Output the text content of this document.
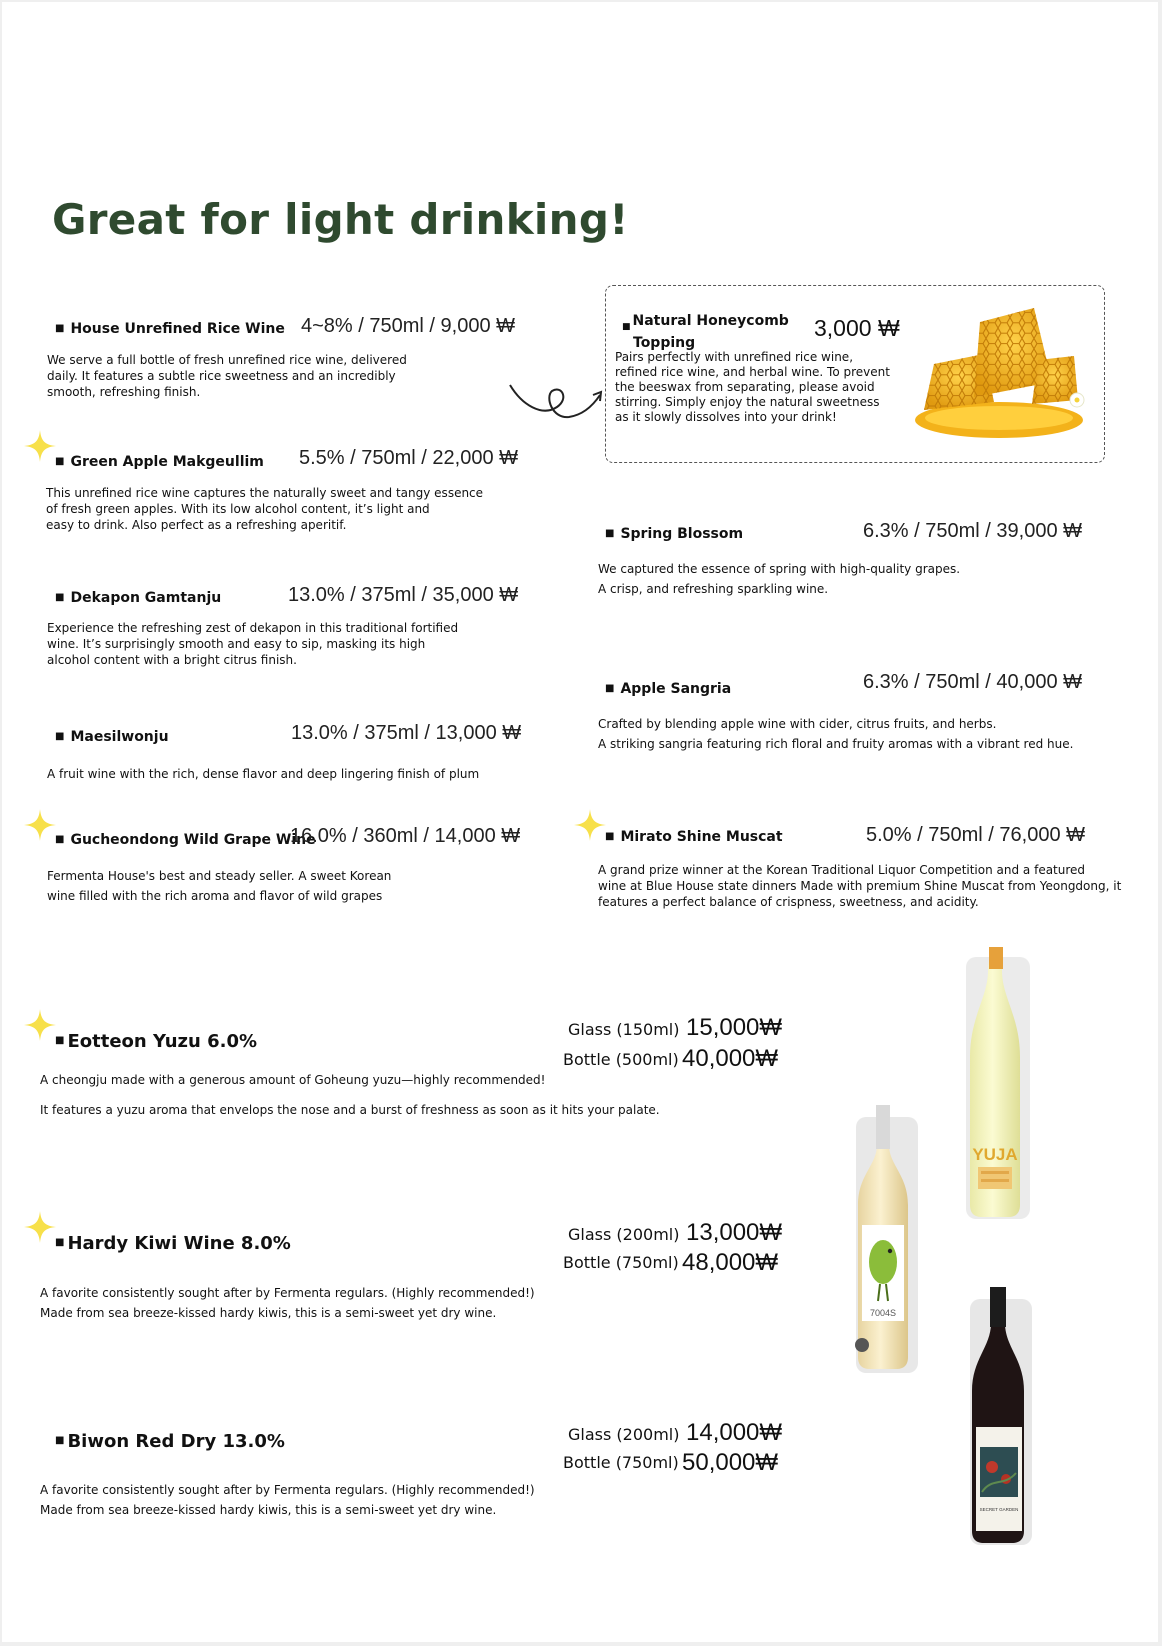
Great for light drinking!
■ House Unrefined Rice Wine 4~8% / 750ml / 9,000 ₩
We serve a full bottle of fresh unrefined rice wine, delivered
daily. It features a subtle rice sweetness and an incredibly
smooth, refreshing finish.
■ Green Apple Makgeullim 5.5% / 750ml / 22,000 ₩
This unrefined rice wine captures the naturally sweet and tangy essence
of fresh green apples. With its low alcohol content, it’s light and
easy to drink. Also perfect as a refreshing aperitif.
■ Dekapon Gamtanju	13.0% / 375ml / 35,000 ₩
Experience the refreshing zest of dekapon in this traditional fortified
wine. It’s surprisingly smooth and easy to sip, masking its high
alcohol content with a bright citrus finish.
■ Maesilwonju	13.0% / 375ml / 13,000 ₩
A fruit wine with the rich, dense flavor and deep lingering finish of plum
■ Gucheondong Wild Grape Wine
16.0% / 360ml / 14,000 ₩
Fermenta House's best and steady seller. A sweet Korean
wine filled with the rich aroma and flavor of wild grapes
$_■$ Natural Honeycomb
Topping
3,000 ₩
Pairs perfectly with unrefined rice wine,
refined rice wine, and herbal wine. To prevent
the beeswax from separating, please avoid
stirring. Simply enjoy the natural sweetness
as it slowly dissolves into your drink!
■ Spring Blossom	6.3% / 750ml / 39,000 ₩
We captured the essence of spring with high-quality grapes.
A crisp, and refreshing sparkling wine.
■ Apple Sangria	6.3% / 750ml / 40,000 ₩
Crafted by blending apple wine with cider, citrus fruits, and herbs.
A striking sangria featuring rich floral and fruity aromas with a vibrant red hue.
■ Mirato Shine Muscat	5.0% / 750ml / 76,000 ₩
A grand prize winner at the Korean Traditional Liquor Competition and a featured
wine at Blue House state dinners Made with premium Shine Muscat from Yeongdong, it
features a perfect balance of crispness, sweetness, and acidity.
■ Eotteon Yuzu 6.0%
Glass (150ml) 15,000₩
Bottle (500ml) 40,000₩
A cheongju made with a generous amount of Goheung yuzu—highly recommended!
It features a yuzu aroma that envelops the nose and a burst of freshness as soon as it hits your palate.
■ Hardy Kiwi Wine 8.0%	Glass (200ml) 13,000₩
Bottle (750ml) 48,000₩
A favorite consistently sought after by Fermenta regulars. (Highly recommended!)
Made from sea breeze-kissed hardy kiwis, this is a semi-sweet yet dry wine.
■ Biwon Red Dry 13.0%	Glass (200ml) 14,000₩
Bottle (750ml) 50,000₩
A favorite consistently sought after by Fermenta regulars. (Highly recommended!)
Made from sea breeze-kissed hardy kiwis, this is a semi-sweet yet dry wine.
YUJA
7004S
SECRET GARDEN
